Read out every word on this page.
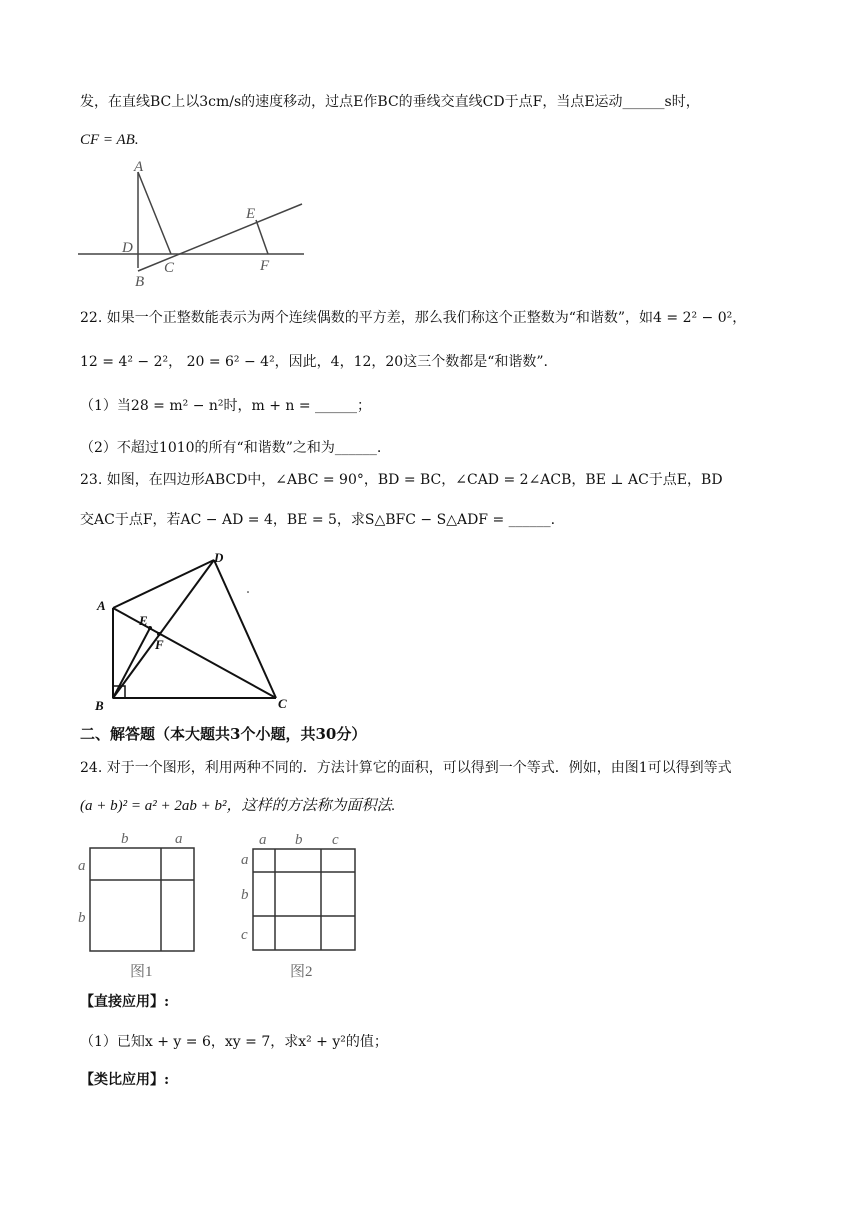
发，在直线BC上以3cm/s的速度移动，过点E作BC的垂线交直线CD于点F，当点E运动______s时，
CF = AB.
A
D
B
C
E
F
22. 如果一个正整数能表示为两个连续偶数的平方差，那么我们称这个正整数为“和谐数”，如4 = 2² − 0²，
12 = 4² − 2²， 20 = 6² − 4²，因此，4，12，20这三个数都是“和谐数”.
（1）当28 = m² − n²时，m + n = ______；
（2）不超过1010的所有“和谐数”之和为______.
23. 如图，在四边形ABCD中，∠ABC = 90°，BD = BC，∠CAD = 2∠ACB，BE ⊥ AC于点E，BD
交AC于点F，若AC − AD = 4，BE = 5，求S△BFC − S△ADF = ______.
A
B	C
D
E
F
二、解答题（本大题共3个小题，共30分）
24. 对于一个图形，利用两种不同的．方法计算它的面积，可以得到一个等式．例如，由图1可以得到等式
(a + b)² = a² + 2ab + b²，这样的方法称为面积法.
b	a
a
b
图1
a b c
a
b
c
图2
【直接应用】:
（1）已知x + y = 6，xy = 7，求x² + y²的值；
【类比应用】:
